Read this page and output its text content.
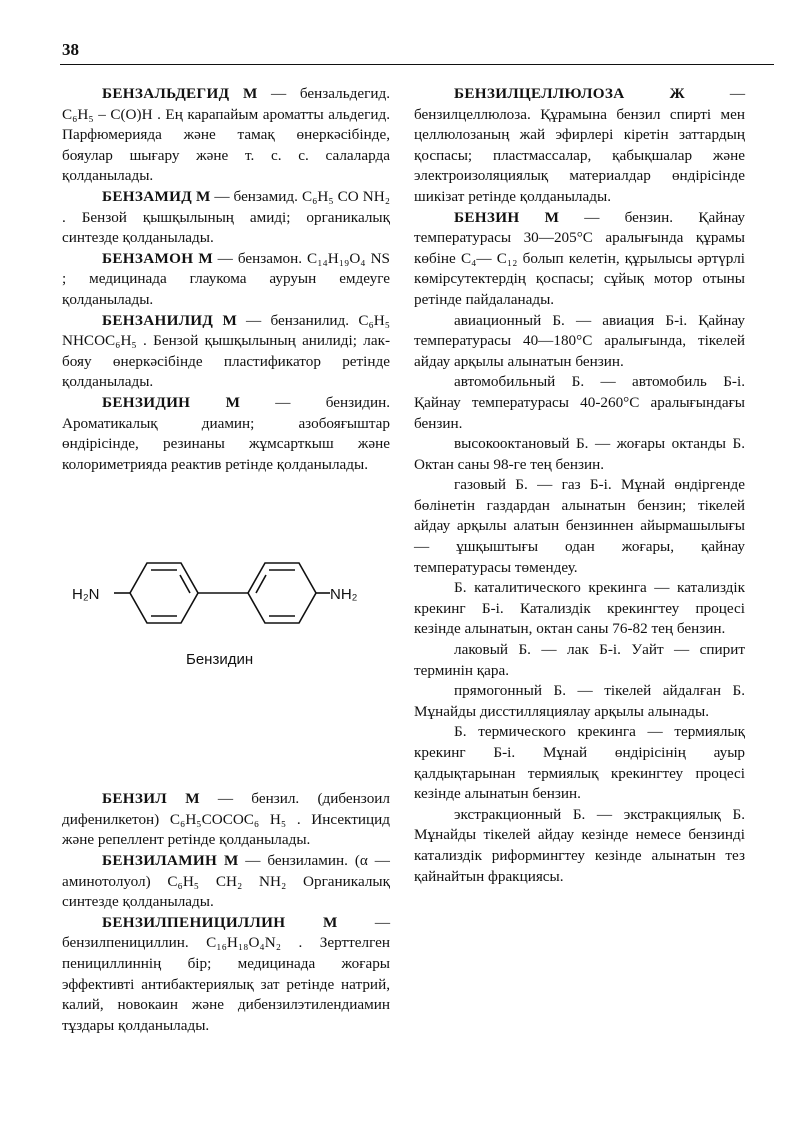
38

БЕНЗАЛЬДЕГИД М — бензальдегид. C₆H₅ – C(O)H . Ең карапайым ароматты альдегид. Парфюмерияда және тамақ өнеркәсібінде, бояулар шығару және т. с. с. салаларда қолданылады.

БЕНЗАМИД М — бензамид. C₆H₅ CO NH₂ . Бензой қышқылының амиді; органикалық синтезде қолданылады.

БЕНЗАМОН М — бензамон. C₁₄H₁₉O₄ NS ; медицинада глаукома ауруын емдеуге қолданылады.

БЕНЗАНИЛИД М — бензанилид. C₆H₅ NHCOC₆H₅ . Бензой қышқылының анилиді; лак-бояу өнеркәсібінде пластификатор ретінде қолданылады.

БЕНЗИДИН М — бензидин. Ароматикалық диамин; азобояғыштар өндірісінде, резинаны жұмсарткыш және колориметрияда реактив ретінде қолданылады.

H₂N	NH₂
Бензидин

БЕНЗИЛ М — бензил. (дибензоил дифенилкетон) C₆H₅COCOC₆ H₅ . Инсектицид және репеллент ретінде қолданылады.

БЕНЗИЛАМИН М — бензиламин. (α — аминотолуол) C₆H₅ CH₂ NH₂ Органикалық синтезде қолданылады.

БЕНЗИЛПЕНИЦИЛЛИН М — бензилпенициллин. C₁₆H₁₈O₄N₂ . Зерттелген пенициллиннің бір; медицинада жоғары эффективті антибактериялық зат ретінде натрий, калий, новокаин және дибензилэтилендиамин тұздары қолданылады.

БЕНЗИЛЦЕЛЛЮЛОЗА	Ж — бензилцеллюлоза. Құрамына бензил спирті мен целлюлозаның жай эфирлері кіретін заттардың қоспасы; пластмассалар, қабықшалар және электроизоляциялық материалдар өндірісінде шикізат ретінде қолданылады.

БЕНЗИН М — бензин. Қайнау температурасы 30—205°C аралығында құрамы көбіне C₄— C₁₂ болып келетін, құрылысы әртүрлі көмірсутектердің қоспасы; сұйық мотор отыны ретінде пайдаланады.

авиационный Б. — авиация Б-і. Қайнау температурасы 40—180°C аралығында, тікелей айдау арқылы алынатын бензин.

автомобильный Б. — автомобиль Б-і. Қайнау температурасы 40-260°C аралығындағы бензин.

высокооктановый Б. — жоғары октанды Б. Октан саны 98-ге тең бензин.

газовый Б. — газ Б-і. Мұнай өндіргенде бөлінетін газдардан алынатын бензин; тікелей айдау арқылы алатын бензиннен айырмашылығы — ұшқыштығы одан жоғары, қайнау температурасы төмендеу.

Б. каталитического крекинга — катализдік крекинг Б-і. Катализдік крекингтеу процесі кезінде алынатын, октан саны 76-82 тең бензин.

лаковый Б. — лак Б-і. Уайт — спирит терминін қара.

прямогонный Б. — тікелей айдалған Б. Мұнайды дисстилляциялау арқылы алынады.

Б. термического крекинга — термиялық крекинг Б-і. Мұнай өндірісінің ауыр қалдықтарынан термиялық крекингтеу процесі кезінде алынатын бензин.

экстракционный Б. — экстракциялық Б. Мұнайды тікелей айдау кезінде немесе бензинді катализдік риформингтеу кезінде алынатын тез қайнайтын фракциясы.
